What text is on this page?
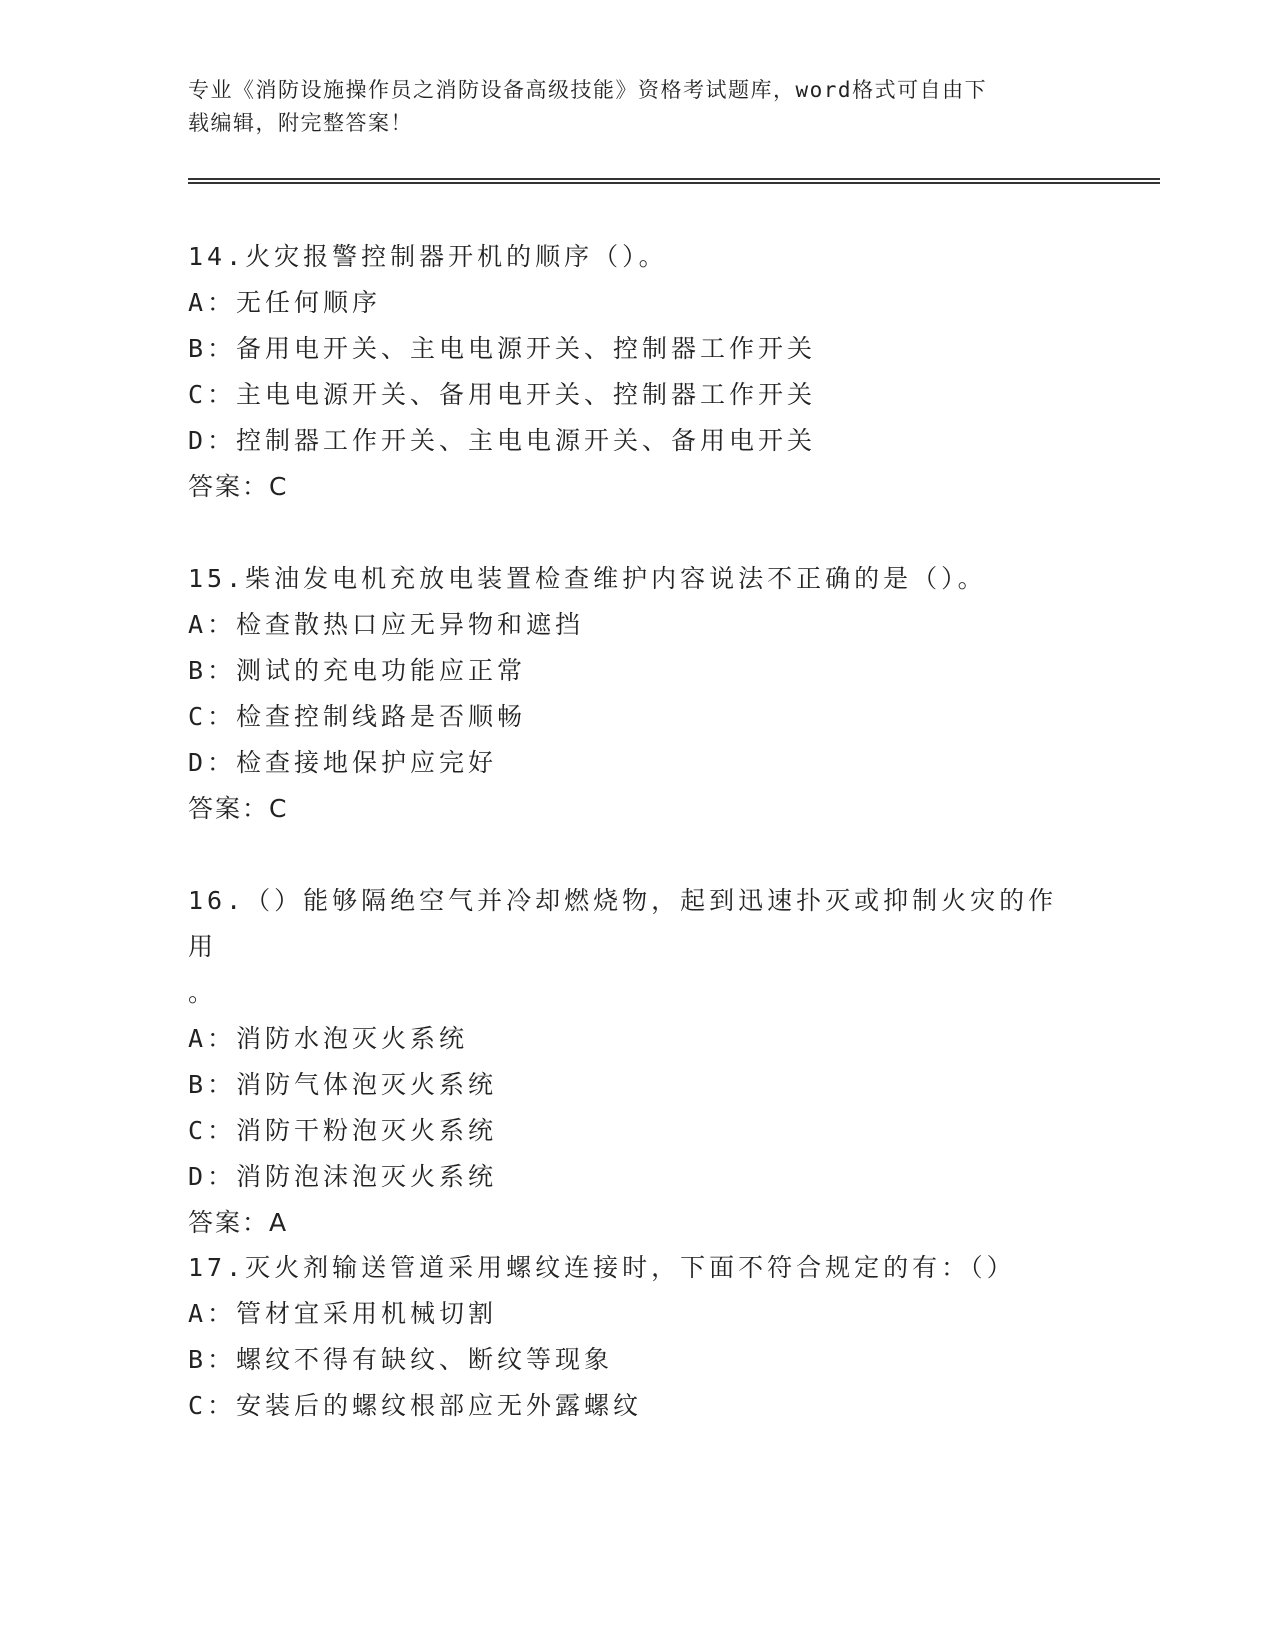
专业《消防设施操作员之消防设备高级技能》资格考试题库，word格式可自由下
载编辑，附完整答案！
14.火灾报警控制器开机的顺序（）。
A：无任何顺序
B：备用电开关、主电电源开关、控制器工作开关
C：主电电源开关、备用电开关、控制器工作开关
D：控制器工作开关、主电电源开关、备用电开关
答案：C
15.柴油发电机充放电装置检查维护内容说法不正确的是（）。
A：检查散热口应无异物和遮挡
B：测试的充电功能应正常
C：检查控制线路是否顺畅
D：检查接地保护应完好
答案：C
16.（）能够隔绝空气并冷却燃烧物，起到迅速扑灭或抑制火灾的作用
。
A：消防水泡灭火系统
B：消防气体泡灭火系统
C：消防干粉泡灭火系统
D：消防泡沫泡灭火系统
答案：A
17.灭火剂输送管道采用螺纹连接时，下面不符合规定的有：（）
A：管材宜采用机械切割
B：螺纹不得有缺纹、断纹等现象
C：安装后的螺纹根部应无外露螺纹
